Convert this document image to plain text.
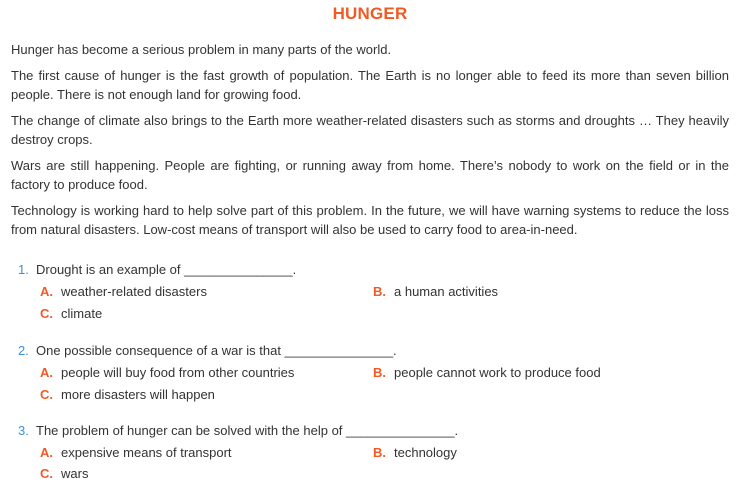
HUNGER

Hunger has become a serious problem in many parts of the world.

The first cause of hunger is the fast growth of population. The Earth is no longer able to feed its more than seven billion people. There is not enough land for growing food.

The change of climate also brings to the Earth more weather-related disasters such as storms and droughts … They heavily destroy crops.

Wars are still happening. People are fighting, or running away from home. There’s nobody to work on the field or in the factory to produce food.

Technology is working hard to help solve part of this problem. In the future, we will have warning systems to reduce the loss from natural disasters. Low-cost means of transport will also be used to carry food to area-in-need.

1. Drought is an example of _______________.
A. weather-related disasters	B. a human activities
C. climate
2. One possible consequence of a war is that _______________.
A. people will buy food from other countries	B. people cannot work to produce food
C. more disasters will happen
3. The problem of hunger can be solved with the help of _______________.
A. expensive means of transport	B. technology
C. wars
